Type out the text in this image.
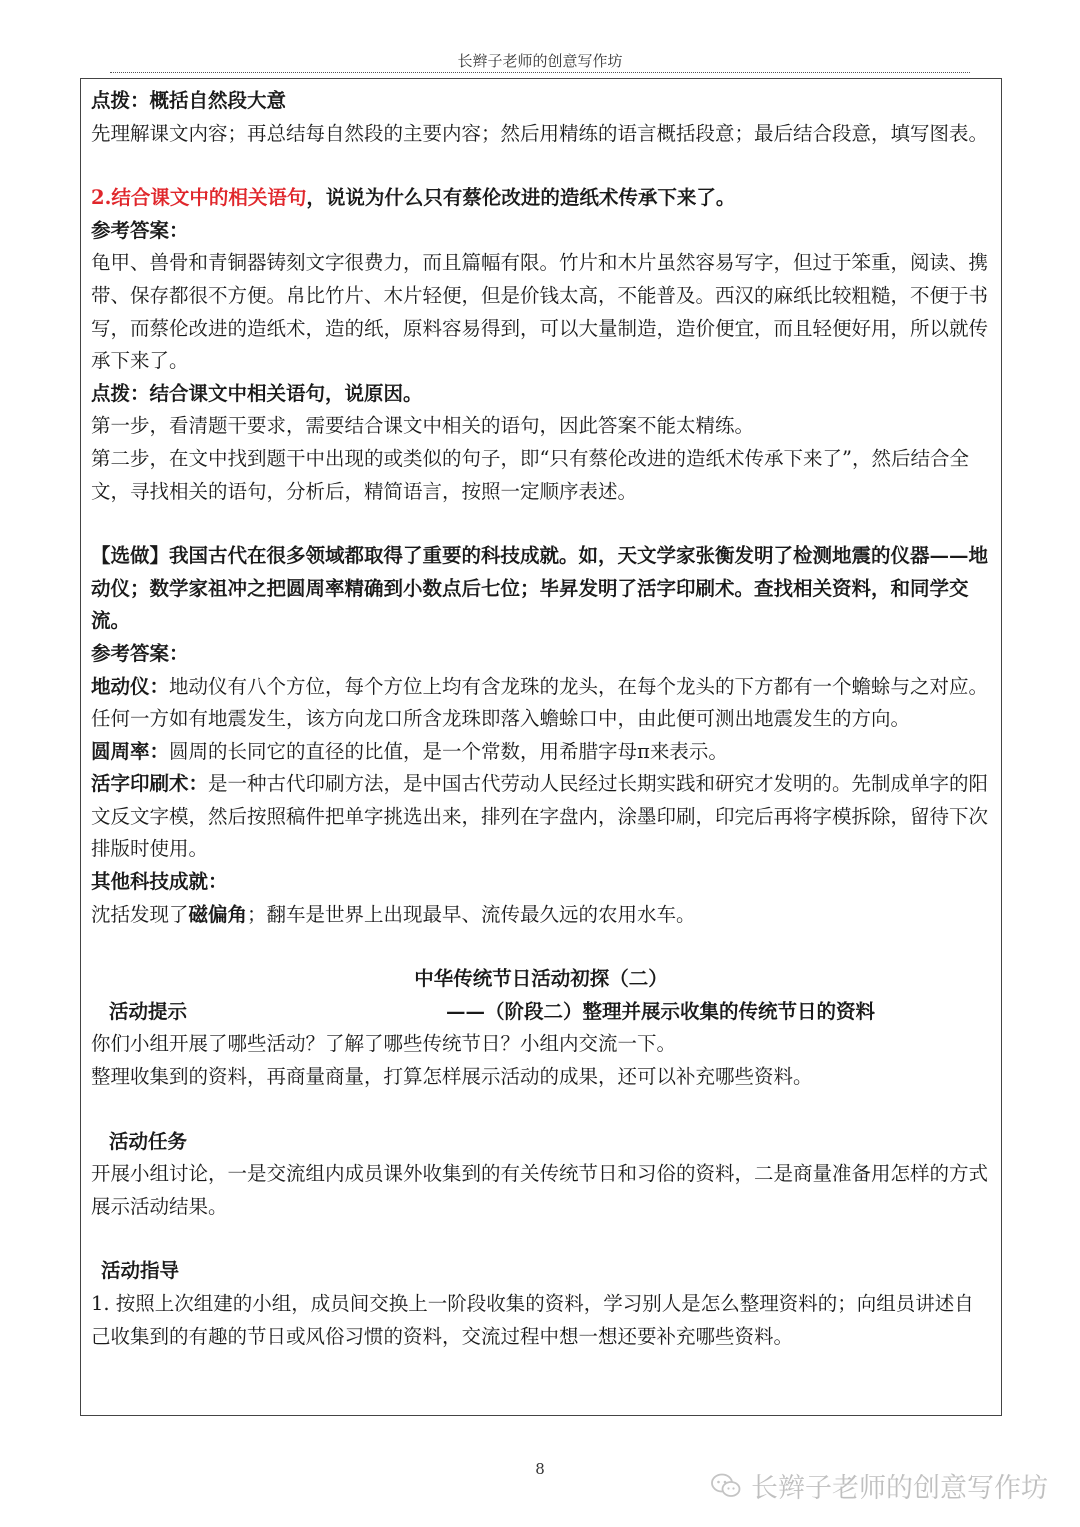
长辫子老师的创意写作坊

点拨：概括自然段大意

先理解课文内容；再总结每自然段的主要内容；然后用精练的语言概括段意；最后结合段意，填写图表。

2.结合课文中的相关语句，说说为什么只有蔡伦改进的造纸术传承下来了。

参考答案：

龟甲、兽骨和青铜器铸刻文字很费力，而且篇幅有限。竹片和木片虽然容易写字，但过于笨重，阅读、携带、保存都很不方便。帛比竹片、木片轻便，但是价钱太高，不能普及。西汉的麻纸比较粗糙，不便于书写，而蔡伦改进的造纸术，造的纸，原料容易得到，可以大量制造，造价便宜，而且轻便好用，所以就传承下来了。

点拨：结合课文中相关语句，说原因。

第一步，看清题干要求，需要结合课文中相关的语句，因此答案不能太精练。

第二步，在文中找到题干中出现的或类似的句子，即“只有蔡伦改进的造纸术传承下来了”，然后结合全文，寻找相关的语句，分析后，精简语言，按照一定顺序表述。

【选做】我国古代在很多领域都取得了重要的科技成就。如，天文学家张衡发明了检测地震的仪器——地动仪；数学家祖冲之把圆周率精确到小数点后七位；毕昇发明了活字印刷术。查找相关资料，和同学交流。

参考答案：

地动仪：地动仪有八个方位，每个方位上均有含龙珠的龙头，在每个龙头的下方都有一个蟾蜍与之对应。任何一方如有地震发生，该方向龙口所含龙珠即落入蟾蜍口中，由此便可测出地震发生的方向。

圆周率：圆周的长同它的直径的比值，是一个常数，用希腊字母π来表示。

活字印刷术：是一种古代印刷方法，是中国古代劳动人民经过长期实践和研究才发明的。先制成单字的阳文反文字模，然后按照稿件把单字挑选出来，排列在字盘内，涂墨印刷，印完后再将字模拆除，留待下次排版时使用。

其他科技成就：

沈括发现了磁偏角；翻车是世界上出现最早、流传最久远的农用水车。

中华传统节日活动初探（二）

活动提示	——（阶段二）整理并展示收集的传统节日的资料

你们小组开展了哪些活动？了解了哪些传统节日？小组内交流一下。

整理收集到的资料，再商量商量，打算怎样展示活动的成果，还可以补充哪些资料。

活动任务

开展小组讨论，一是交流组内成员课外收集到的有关传统节日和习俗的资料，二是商量准备用怎样的方式展示活动结果。

活动指导

1. 按照上次组建的小组，成员间交换上一阶段收集的资料，学习别人是怎么整理资料的；向组员讲述自己收集到的有趣的节日或风俗习惯的资料，交流过程中想一想还要补充哪些资料。

8
长辫子老师的创意写作坊
